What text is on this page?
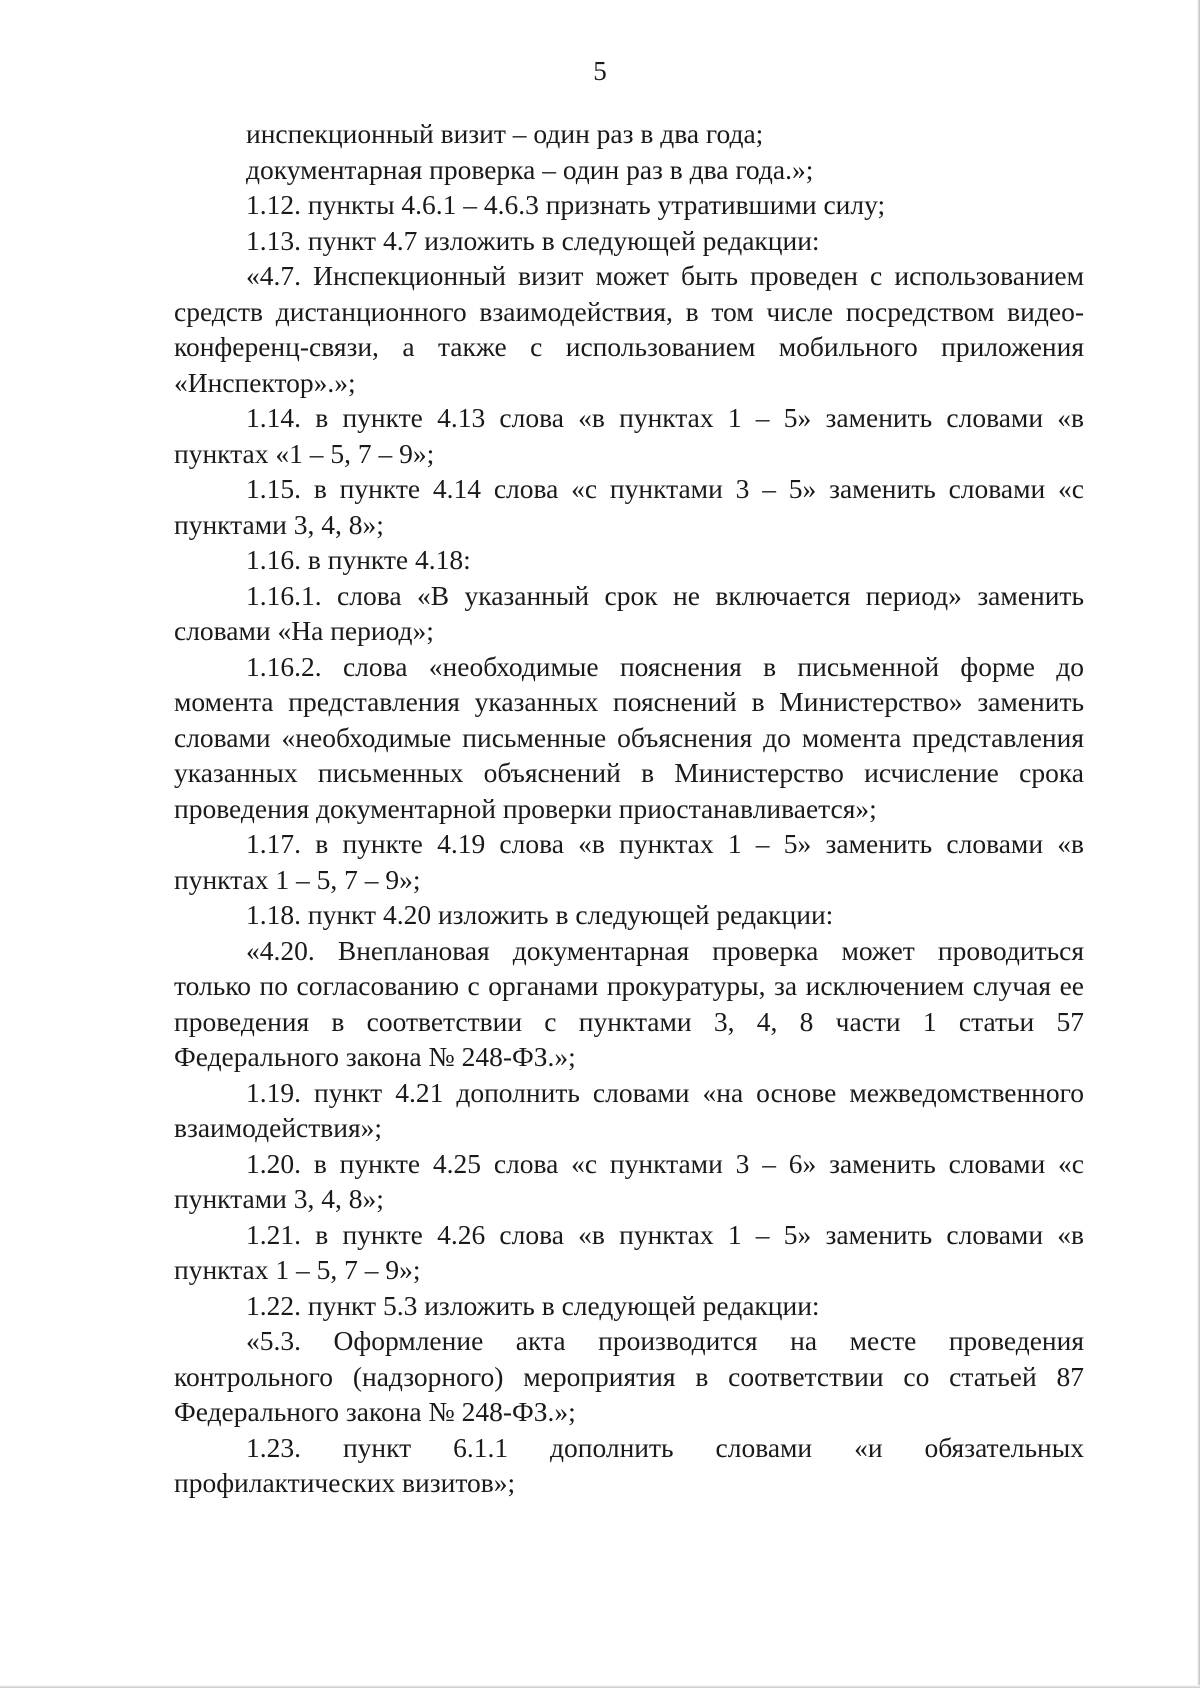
5

инспекционный визит – один раз в два года;

документарная проверка – один раз в два года.»;

1.12. пункты 4.6.1 – 4.6.3 признать утратившими силу;

1.13. пункт 4.7 изложить в следующей редакции:

«4.7. Инспекционный визит может быть проведен с использованием средств дистанционного взаимодействия, в том числе посредством видео-конференц-связи, а также с использованием мобильного приложения «Инспектор».»;

1.14. в пункте 4.13 слова «в пунктах 1 – 5» заменить словами «в пунктах «1 – 5, 7 – 9»;

1.15. в пункте 4.14 слова «с пунктами 3 – 5» заменить словами «с пунктами 3, 4, 8»;

1.16. в пункте 4.18:

1.16.1. слова «В указанный срок не включается период» заменить словами «На период»;

1.16.2. слова «необходимые пояснения в письменной форме до момента представления указанных пояснений в Министерство» заменить словами «необходимые письменные объяснения до момента представления указанных письменных объяснений в Министерство исчисление срока проведения документарной проверки приостанавливается»;

1.17. в пункте 4.19 слова «в пунктах 1 – 5» заменить словами «в пунктах 1 – 5, 7 – 9»;

1.18. пункт 4.20 изложить в следующей редакции:

«4.20. Внеплановая документарная проверка может проводиться только по согласованию с органами прокуратуры, за исключением случая ее проведения в соответствии с пунктами 3, 4, 8 части 1 статьи 57 Федерального закона № 248-ФЗ.»;

1.19. пункт 4.21 дополнить словами «на основе межведомственного взаимодействия»;

1.20. в пункте 4.25 слова «с пунктами 3 – 6» заменить словами «с пунктами 3, 4, 8»;

1.21. в пункте 4.26 слова «в пунктах 1 – 5» заменить словами «в пунктах 1 – 5, 7 – 9»;

1.22. пункт 5.3 изложить в следующей редакции:

«5.3. Оформление акта производится на месте проведения контрольного (надзорного) мероприятия в соответствии со статьей 87 Федерального закона № 248-ФЗ.»;

1.23. пункт 6.1.1 дополнить словами «и обязательных профилактических визитов»;
